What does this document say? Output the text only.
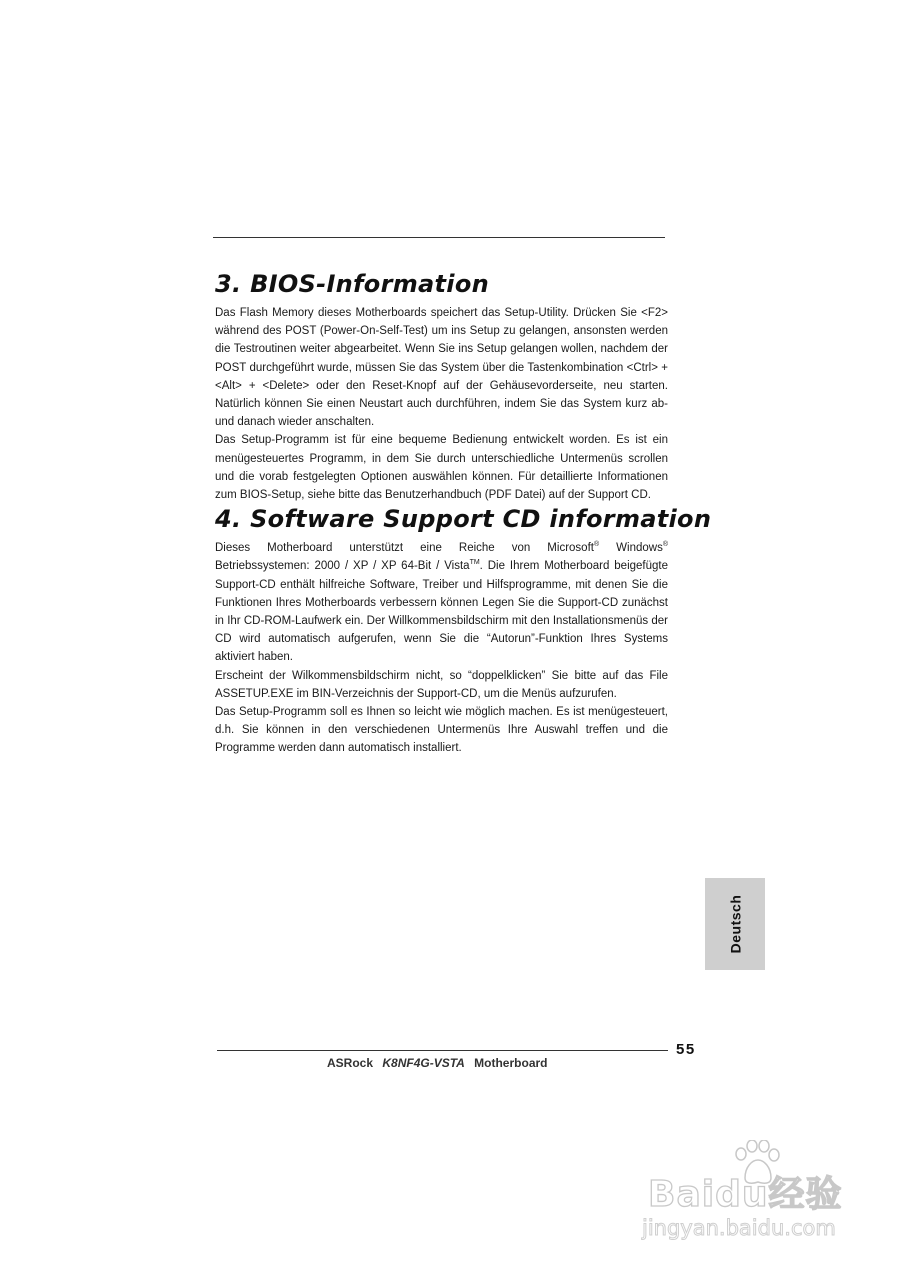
3. BIOS-Information

Das Flash Memory dieses Motherboards speichert das Setup-Utility. Drücken Sie <F2> während des POST (Power-On-Self-Test) um ins Setup zu gelangen, ansonsten werden die Testroutinen weiter abgearbeitet. Wenn Sie ins Setup gelangen wollen, nachdem der POST durchgeführt wurde, müssen Sie das System über die Tastenkombination <Ctrl> + <Alt> + <Delete> oder den Reset-Knopf auf der Gehäusevorderseite, neu starten. Natürlich können Sie einen Neustart auch durchführen, indem Sie das System kurz ab- und danach wieder anschalten.

Das Setup-Programm ist für eine bequeme Bedienung entwickelt worden. Es ist ein menügesteuertes Programm, in dem Sie durch unterschiedliche Untermenüs scrollen und die vorab festgelegten Optionen auswählen können. Für detaillierte Informationen zum BIOS-Setup, siehe bitte das Benutzerhandbuch (PDF Datei) auf der Support CD.

4. Software Support CD information

Dieses Motherboard unterstützt eine Reiche von Microsoft® Windows® Betriebssystemen: 2000 / XP / XP 64-Bit / Vista™. Die Ihrem Motherboard beigefügte Support-CD enthält hilfreiche Software, Treiber und Hilfsprogramme, mit denen Sie die Funktionen Ihres Motherboards verbessern können Legen Sie die Support-CD zunächst in Ihr CD-ROM-Laufwerk ein. Der Willkommensbildschirm mit den Installationsmenüs der CD wird automatisch aufgerufen, wenn Sie die “Autorun”-Funktion Ihres Systems aktiviert haben.

Erscheint der Wilkommensbildschirm nicht, so “doppelklicken” Sie bitte auf das File ASSETUP.EXE im BIN-Verzeichnis der Support-CD, um die Menüs aufzurufen.

Das Setup-Programm soll es Ihnen so leicht wie möglich machen. Es ist menügesteuert, d.h. Sie können in den verschiedenen Untermenüs Ihre Auswahl treffen und die Programme werden dann automatisch installiert.

Deutsch
55
ASRock K8NF4G-VSTA Motherboard
Baidu经验
jingyan.baidu.com
